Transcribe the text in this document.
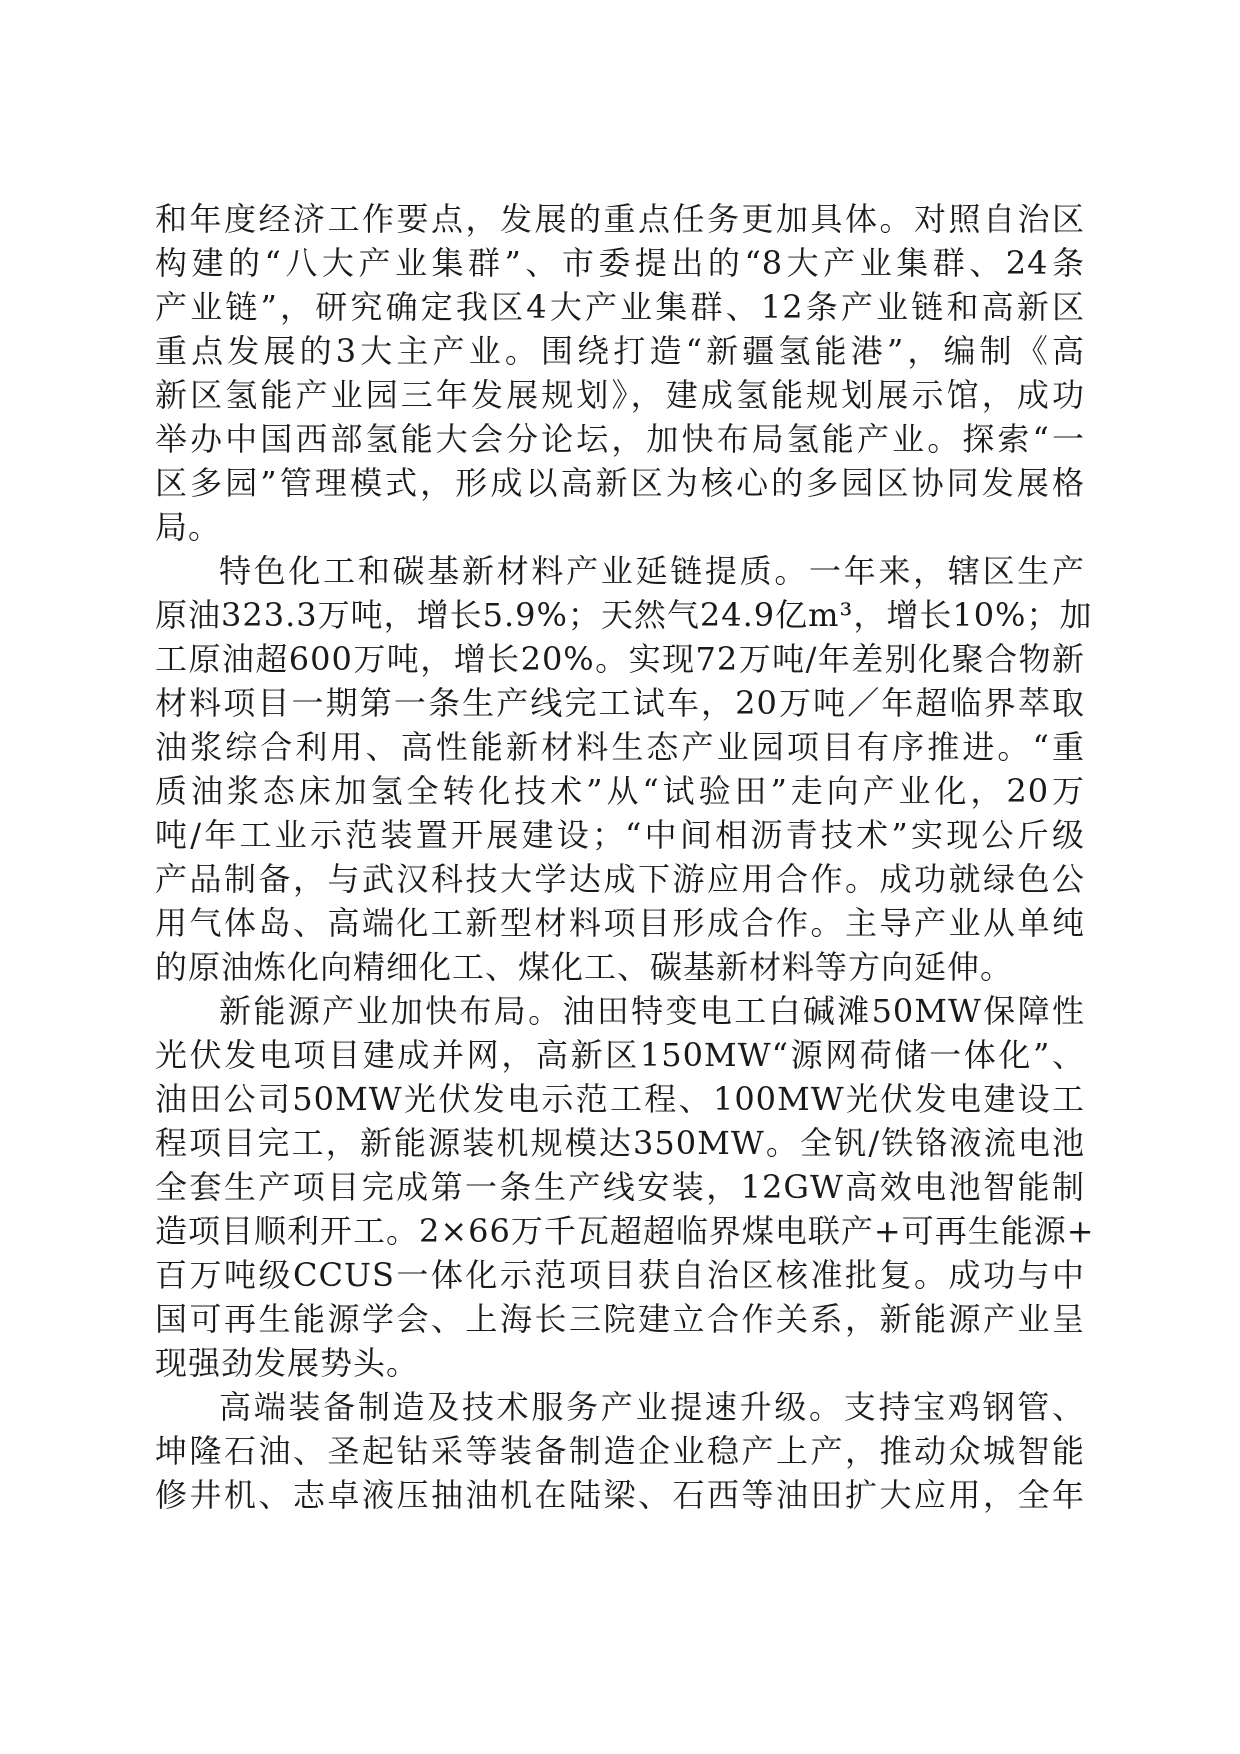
和年度经济工作要点，发展的重点任务更加具体。对照自治区
构建的“八大产业集群”、市委提出的“8大产业集群、24条
产业链”，研究确定我区4大产业集群、12条产业链和高新区
重点发展的3大主产业。围绕打造“新疆氢能港”，编制《高
新区氢能产业园三年发展规划》，建成氢能规划展示馆，成功
举办中国西部氢能大会分论坛，加快布局氢能产业。探索“一
区多园”管理模式，形成以高新区为核心的多园区协同发展格
局。
特色化工和碳基新材料产业延链提质。一年来，辖区生产
原油323.3万吨，增长5.9%；天然气24.9亿m³，增长10%；加
工原油超600万吨，增长20%。实现72万吨/年差别化聚合物新
材料项目一期第一条生产线完工试车，20万吨／年超临界萃取
油浆综合利用、高性能新材料生态产业园项目有序推进。“重
质油浆态床加氢全转化技术”从“试验田”走向产业化，20万
吨/年工业示范装置开展建设；“中间相沥青技术”实现公斤级
产品制备，与武汉科技大学达成下游应用合作。成功就绿色公
用气体岛、高端化工新型材料项目形成合作。主导产业从单纯
的原油炼化向精细化工、煤化工、碳基新材料等方向延伸。
新能源产业加快布局。油田特变电工白碱滩50MW保障性
光伏发电项目建成并网，高新区150MW“源网荷储一体化”、
油田公司50MW光伏发电示范工程、100MW光伏发电建设工
程项目完工，新能源装机规模达350MW。全钒/铁铬液流电池
全套生产项目完成第一条生产线安装，12GW高效电池智能制
造项目顺利开工。2×66万千瓦超超临界煤电联产+可再生能源+
百万吨级CCUS一体化示范项目获自治区核准批复。成功与中
国可再生能源学会、上海长三院建立合作关系，新能源产业呈
现强劲发展势头。
高端装备制造及技术服务产业提速升级。支持宝鸡钢管、
坤隆石油、圣起钻采等装备制造企业稳产上产，推动众城智能
修井机、志卓液压抽油机在陆梁、石西等油田扩大应用，全年
